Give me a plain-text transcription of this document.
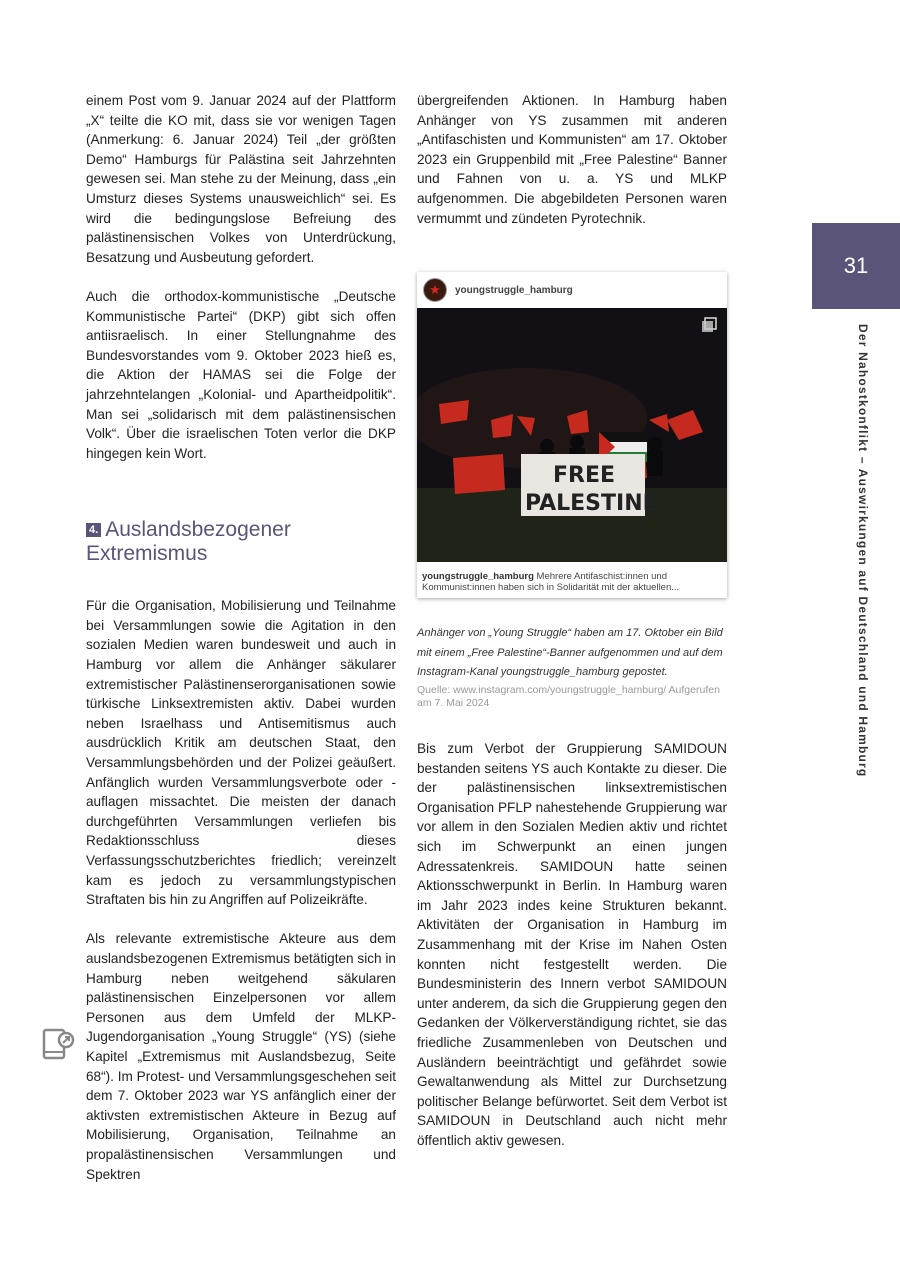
einem Post vom 9. Januar 2024 auf der Plattform „X“ teilte die KO mit, dass sie vor wenigen Tagen (Anmerkung: 6. Januar 2024) Teil „der größten Demo“ Hamburgs für Palästina seit Jahrzehnten gewesen sei. Man stehe zu der Meinung, dass „ein Umsturz dieses Systems unausweichlich“ sei. Es wird die bedingungslose Befreiung des palästinensischen Volkes von Unterdrückung, Besatzung und Ausbeutung gefordert.

Auch die orthodox-kommunistische „Deutsche Kommunistische Partei“ (DKP) gibt sich offen antiisraelisch. In einer Stellungnahme des Bundesvorstandes vom 9. Oktober 2023 hieß es, die Aktion der HAMAS sei die Folge der jahrzehntelangen „Kolonial- und Apartheidpolitik“. Man sei „solidarisch mit dem palästinensischen Volk“. Über die israelischen Toten verlor die DKP hingegen kein Wort.

4. Auslandsbezogener Extremismus

Für die Organisation, Mobilisierung und Teilnahme bei Versammlungen sowie die Agitation in den sozialen Medien waren bundesweit und auch in Hamburg vor allem die Anhänger säkularer extremistischer Palästinenserorganisationen sowie türkische Linksextremisten aktiv. Dabei wurden neben Israelhass und Antisemitismus auch ausdrücklich Kritik am deutschen Staat, den Versammlungsbehörden und der Polizei geäußert. Anfänglich wurden Versammlungsverbote oder -auflagen missachtet. Die meisten der danach durchgeführten Versammlungen verliefen bis Redaktionsschluss dieses Verfassungsschutzberichtes friedlich; vereinzelt kam es jedoch zu versammlungstypischen Straftaten bis hin zu Angriffen auf Polizeikräfte.

Als relevante extremistische Akteure aus dem auslandsbezogenen Extremismus betätigten sich in Hamburg neben weitgehend säkularen palästinensischen Einzelpersonen vor allem Personen aus dem Umfeld der MLKP-Jugendorganisation „Young Struggle“ (YS) (siehe Kapitel „Extremismus mit Auslandsbezug, Seite 68“). Im Protest- und Versammlungsgeschehen seit dem 7. Oktober 2023 war YS anfänglich einer der aktivsten extremistischen Akteure in Bezug auf Mobilisierung, Organisation, Teilnahme an propalästinensischen Versammlungen und Spektren

übergreifenden Aktionen. In Hamburg haben Anhänger von YS zusammen mit anderen „Antifaschisten und Kommunisten“ am 17. Oktober 2023 ein Gruppenbild mit „Free Palestine“ Banner und Fahnen von u. a. YS und MLKP aufgenommen. Die abgebildeten Personen waren vermummt und zündeten Pyrotechnik.

★	youngstruggle_hamburg
FREE
PALESTINE
youngstruggle_hamburg Mehrere Antifaschist:innen und Kommunist:innen haben sich in Solidarität mit der aktuellen...
Anhänger von „Young Struggle“ haben am 17. Oktober ein Bild mit einem „Free Palestine“-Banner aufgenommen und auf dem Instagram-Kanal youngstruggle_hamburg gepostet.
Quelle: www.instagram.com/youngstruggle_hamburg/ Aufgerufen am 7. Mai 2024

Bis zum Verbot der Gruppierung SAMIDOUN bestanden seitens YS auch Kontakte zu dieser. Die der palästinensischen linksextremistischen Organisation PFLP nahestehende Gruppierung war vor allem in den Sozialen Medien aktiv und richtet sich im Schwerpunkt an einen jungen Adressatenkreis. SAMIDOUN hatte seinen Aktionsschwerpunkt in Berlin. In Hamburg waren im Jahr 2023 indes keine Strukturen bekannt. Aktivitäten der Organisation in Hamburg im Zusammenhang mit der Krise im Nahen Osten konnten nicht festgestellt werden. Die Bundesministerin des Innern verbot SAMIDOUN unter anderem, da sich die Gruppierung gegen den Gedanken der Völkerverständigung richtet, sie das friedliche Zusammenleben von Deutschen und Ausländern beeinträchtigt und gefährdet sowie Gewaltanwendung als Mittel zur Durchsetzung politischer Belange befürwortet. Seit dem Verbot ist SAMIDOUN in Deutschland auch nicht mehr öffentlich aktiv gewesen.

31
Der Nahostkonflikt – Auswirkungen auf Deutschland und Hamburg
